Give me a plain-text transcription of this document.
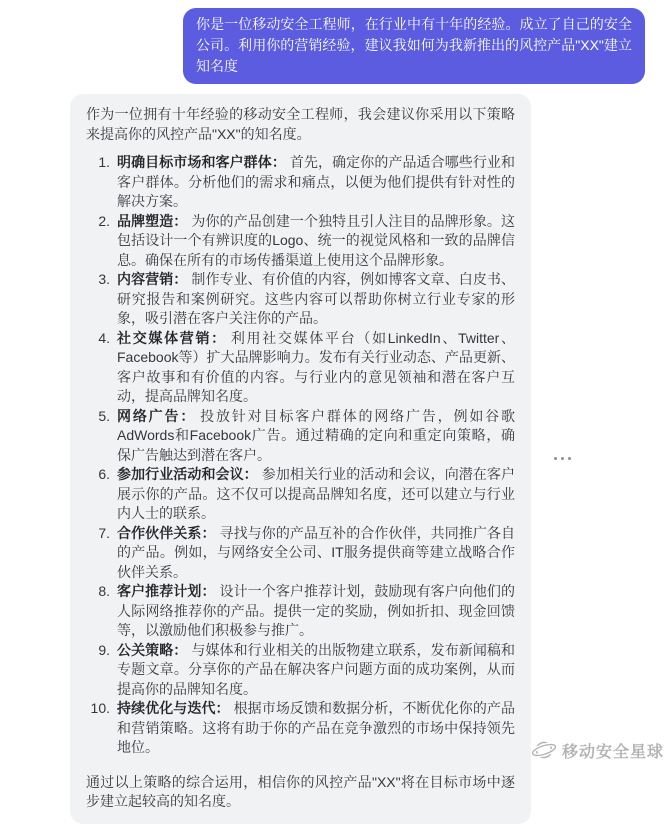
你是一位移动安全工程师，在行业中有十年的经验。成立了自己的安全公司。利用你的营销经验，建议我如何为我新推出的风控产品"XX"建立知名度

作为一位拥有十年经验的移动安全工程师，我会建议你采用以下策略来提高你的风控产品"XX"的知名度。

明确目标市场和客户群体： 首先，确定你的产品适合哪些行业和客户群体。分析他们的需求和痛点，以便为他们提供有针对性的解决方案。
品牌塑造： 为你的产品创建一个独特且引人注目的品牌形象。这包括设计一个有辨识度的Logo、统一的视觉风格和一致的品牌信息。确保在所有的市场传播渠道上使用这个品牌形象。
内容营销： 制作专业、有价值的内容，例如博客文章、白皮书、研究报告和案例研究。这些内容可以帮助你树立行业专家的形象，吸引潜在客户关注你的产品。
社交媒体营销： 利用社交媒体平台（如LinkedIn、Twitter、Facebook等）扩大品牌影响力。发布有关行业动态、产品更新、客户故事和有价值的内容。与行业内的意见领袖和潜在客户互动，提高品牌知名度。
网络广告： 投放针对目标客户群体的网络广告，例如谷歌AdWords和Facebook广告。通过精确的定向和重定向策略，确保广告触达到潜在客户。
参加行业活动和会议： 参加相关行业的活动和会议，向潜在客户展示你的产品。这不仅可以提高品牌知名度，还可以建立与行业内人士的联系。
合作伙伴关系： 寻找与你的产品互补的合作伙伴，共同推广各自的产品。例如，与网络安全公司、IT服务提供商等建立战略合作伙伴关系。
客户推荐计划： 设计一个客户推荐计划，鼓励现有客户向他们的人际网络推荐你的产品。提供一定的奖励，例如折扣、现金回馈等，以激励他们积极参与推广。
公关策略： 与媒体和行业相关的出版物建立联系，发布新闻稿和专题文章。分享你的产品在解决客户问题方面的成功案例，从而提高你的品牌知名度。
持续优化与迭代： 根据市场反馈和数据分析，不断优化你的产品和营销策略。这将有助于你的产品在竞争激烈的市场中保持领先地位。

通过以上策略的综合运用，相信你的风控产品"XX"将在目标市场中逐步建立起较高的知名度。

移动安全星球
